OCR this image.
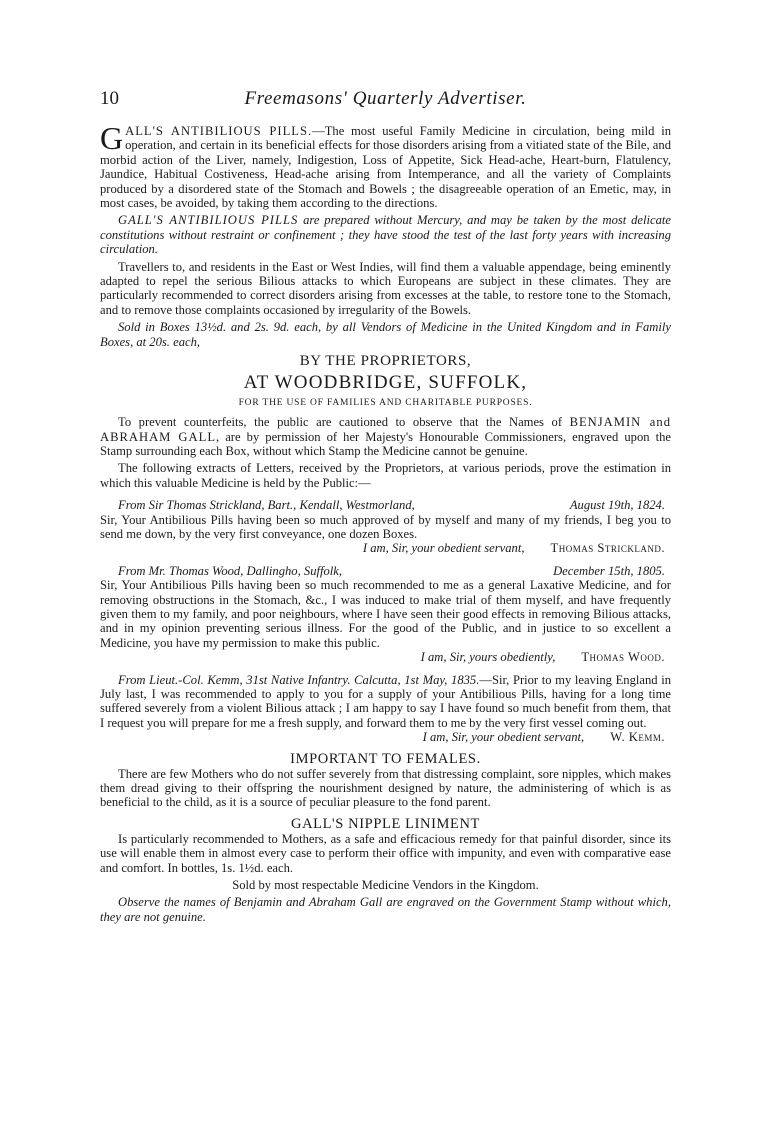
10	Freemasons' Quarterly Advertiser.

GALL'S ANTIBILIOUS PILLS.—The most useful Family Medicine in circulation, being mild in operation, and certain in its beneficial effects for those disorders arising from a vitiated state of the Bile, and morbid action of the Liver, namely, Indigestion, Loss of Appetite, Sick Head-ache, Heart-burn, Flatulency, Jaundice, Habitual Costiveness, Head-ache arising from Intemperance, and all the variety of Complaints produced by a disordered state of the Stomach and Bowels ; the disagreeable operation of an Emetic, may, in most cases, be avoided, by taking them according to the directions.

GALL'S ANTIBILIOUS PILLS are prepared without Mercury, and may be taken by the most delicate constitutions without restraint or confinement ; they have stood the test of the last forty years with increasing circulation.

Travellers to, and residents in the East or West Indies, will find them a valuable appendage, being eminently adapted to repel the serious Bilious attacks to which Europeans are subject in these climates. They are particularly recommended to correct disorders arising from excesses at the table, to restore tone to the Stomach, and to remove those complaints occasioned by irregularity of the Bowels.

Sold in Boxes 13½d. and 2s. 9d. each, by all Vendors of Medicine in the United Kingdom and in Family Boxes, at 20s. each,

BY THE PROPRIETORS,

AT WOODBRIDGE, SUFFOLK,

FOR THE USE OF FAMILIES AND CHARITABLE PURPOSES.

To prevent counterfeits, the public are cautioned to observe that the Names of BENJAMIN and ABRAHAM GALL, are by permission of her Majesty's Honourable Commissioners, engraved upon the Stamp surrounding each Box, without which Stamp the Medicine cannot be genuine.

The following extracts of Letters, received by the Proprietors, at various periods, prove the estimation in which this valuable Medicine is held by the Public:—

From Sir Thomas Strickland, Bart., Kendall, Westmorland,	August 19th, 1824.

Sir, Your Antibilious Pills having been so much approved of by myself and many of my friends, I beg you to send me down, by the very first conveyance, one dozen Boxes.

I am, Sir, your obedient servant, Thomas Strickland.
From Mr. Thomas Wood, Dallingho, Suffolk,	December 15th, 1805.

Sir, Your Antibilious Pills having been so much recommended to me as a general Laxative Medicine, and for removing obstructions in the Stomach, &c., I was induced to make trial of them myself, and have frequently given them to my family, and poor neighbours, where I have seen their good effects in removing Bilious attacks, and in my opinion preventing serious illness. For the good of the Public, and in justice to so excellent a Medicine, you have my permission to make this public.

I am, Sir, yours obediently, Thomas Wood.

From Lieut.-Col. Kemm, 31st Native Infantry. Calcutta, 1st May, 1835.—Sir, Prior to my leaving England in July last, I was recommended to apply to you for a supply of your Antibilious Pills, having for a long time suffered severely from a violent Bilious attack ; I am happy to say I have found so much benefit from them, that I request you will prepare for me a fresh supply, and forward them to me by the very first vessel coming out.

I am, Sir, your obedient servant, W. Kemm.

IMPORTANT TO FEMALES.

There are few Mothers who do not suffer severely from that distressing complaint, sore nipples, which makes them dread giving to their offspring the nourishment designed by nature, the administering of which is as beneficial to the child, as it is a source of peculiar pleasure to the fond parent.

GALL'S NIPPLE LINIMENT

Is particularly recommended to Mothers, as a safe and efficacious remedy for that painful disorder, since its use will enable them in almost every case to perform their office with impunity, and even with comparative ease and comfort. In bottles, 1s. 1½d. each.

Sold by most respectable Medicine Vendors in the Kingdom.

Observe the names of Benjamin and Abraham Gall are engraved on the Government Stamp without which, they are not genuine.
